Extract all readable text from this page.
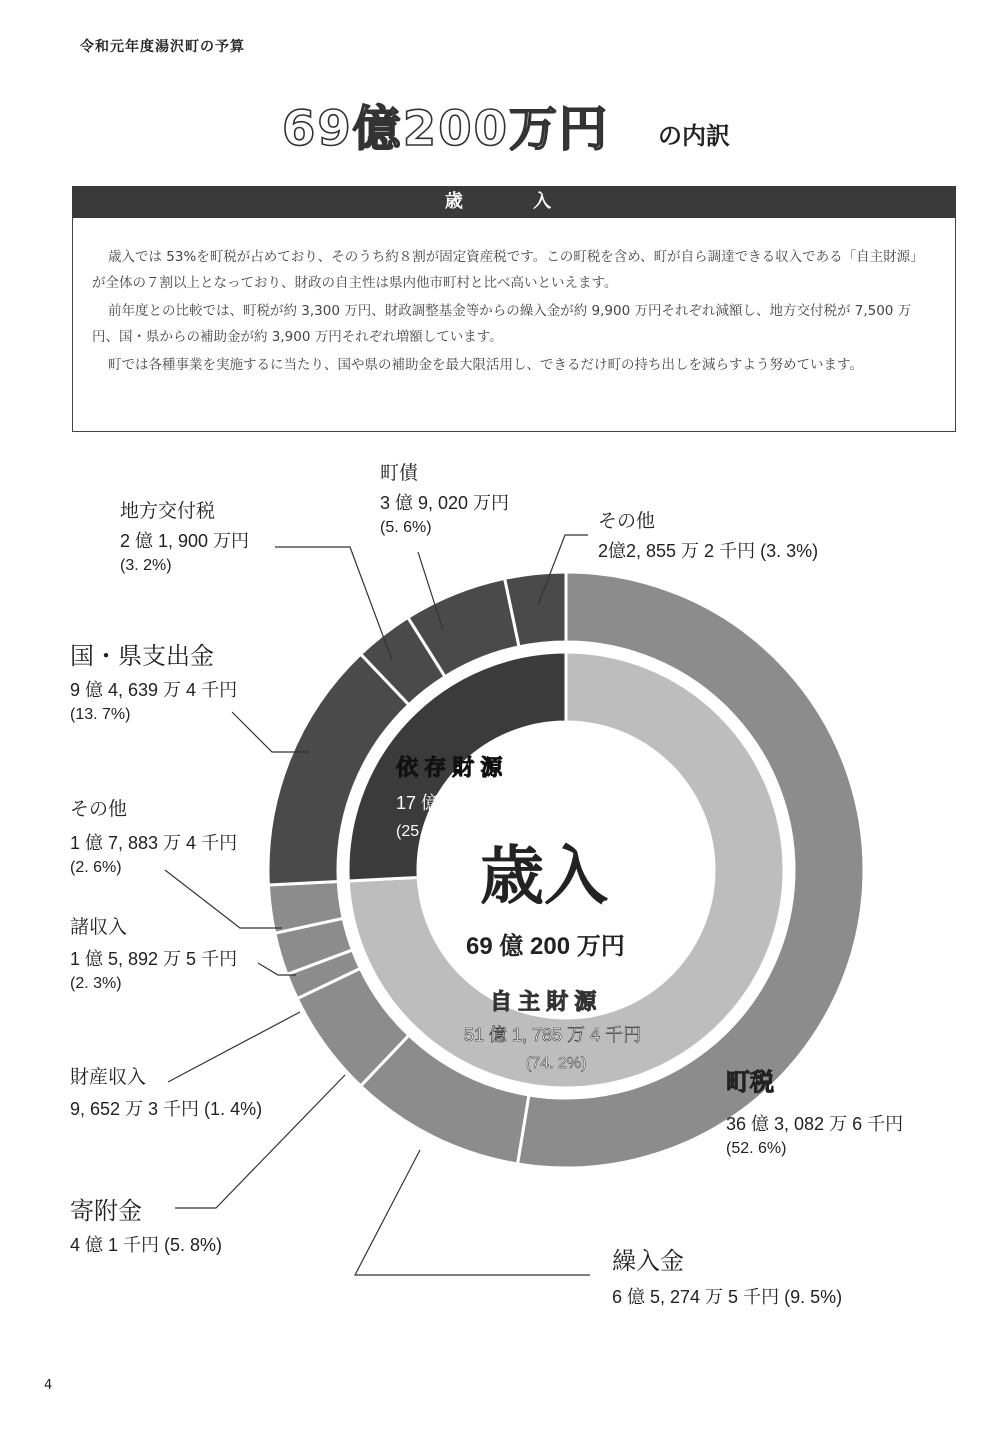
令和元年度湯沢町の予算
69億200万円 の内訳
歳 入
歳入では 53%を町税が占めており、そのうち約８割が固定資産税です。この町税を含め、町が自ら調達できる収入である「自主財源」が全体の７割以上となっており、財政の自主性は県内他市町村と比べ高いといえます。
前年度との比較では、町税が約 3,300 万円、財政調整基金等からの繰入金が約 9,900 万円それぞれ減額し、地方交付税が 7,500 万円、国・県からの補助金が約 3,900 万円それぞれ増額しています。
町では各種事業を実施するに当たり、国や県の補助金を最大限活用し、できるだけ町の持ち出しを減らすよう努めています。
歳入
69 億 200 万円
依 存 財 源
17 億 8, 414 万 6 千円
(25. 8%)
自 主 財 源
51 億 1, 785 万 4 千円
(74. 2%)
町税
36 億 3, 082 万 6 千円
(52. 6%)
繰入金
6 億 5, 274 万 5 千円 (9. 5%)
寄附金
4 億 1 千円 (5. 8%)
財産収入
9, 652 万 3 千円 (1. 4%)
諸収入
1 億 5, 892 万 5 千円
(2. 3%)
その他
1 億 7, 883 万 4 千円
(2. 6%)
国・県支出金
9 億 4, 639 万 4 千円
(13. 7%)
地方交付税
2 億 1, 900 万円
(3. 2%)
町債
3 億 9, 020 万円
(5. 6%)	その他
2億2, 855 万 2 千円 (3. 3%)
4
